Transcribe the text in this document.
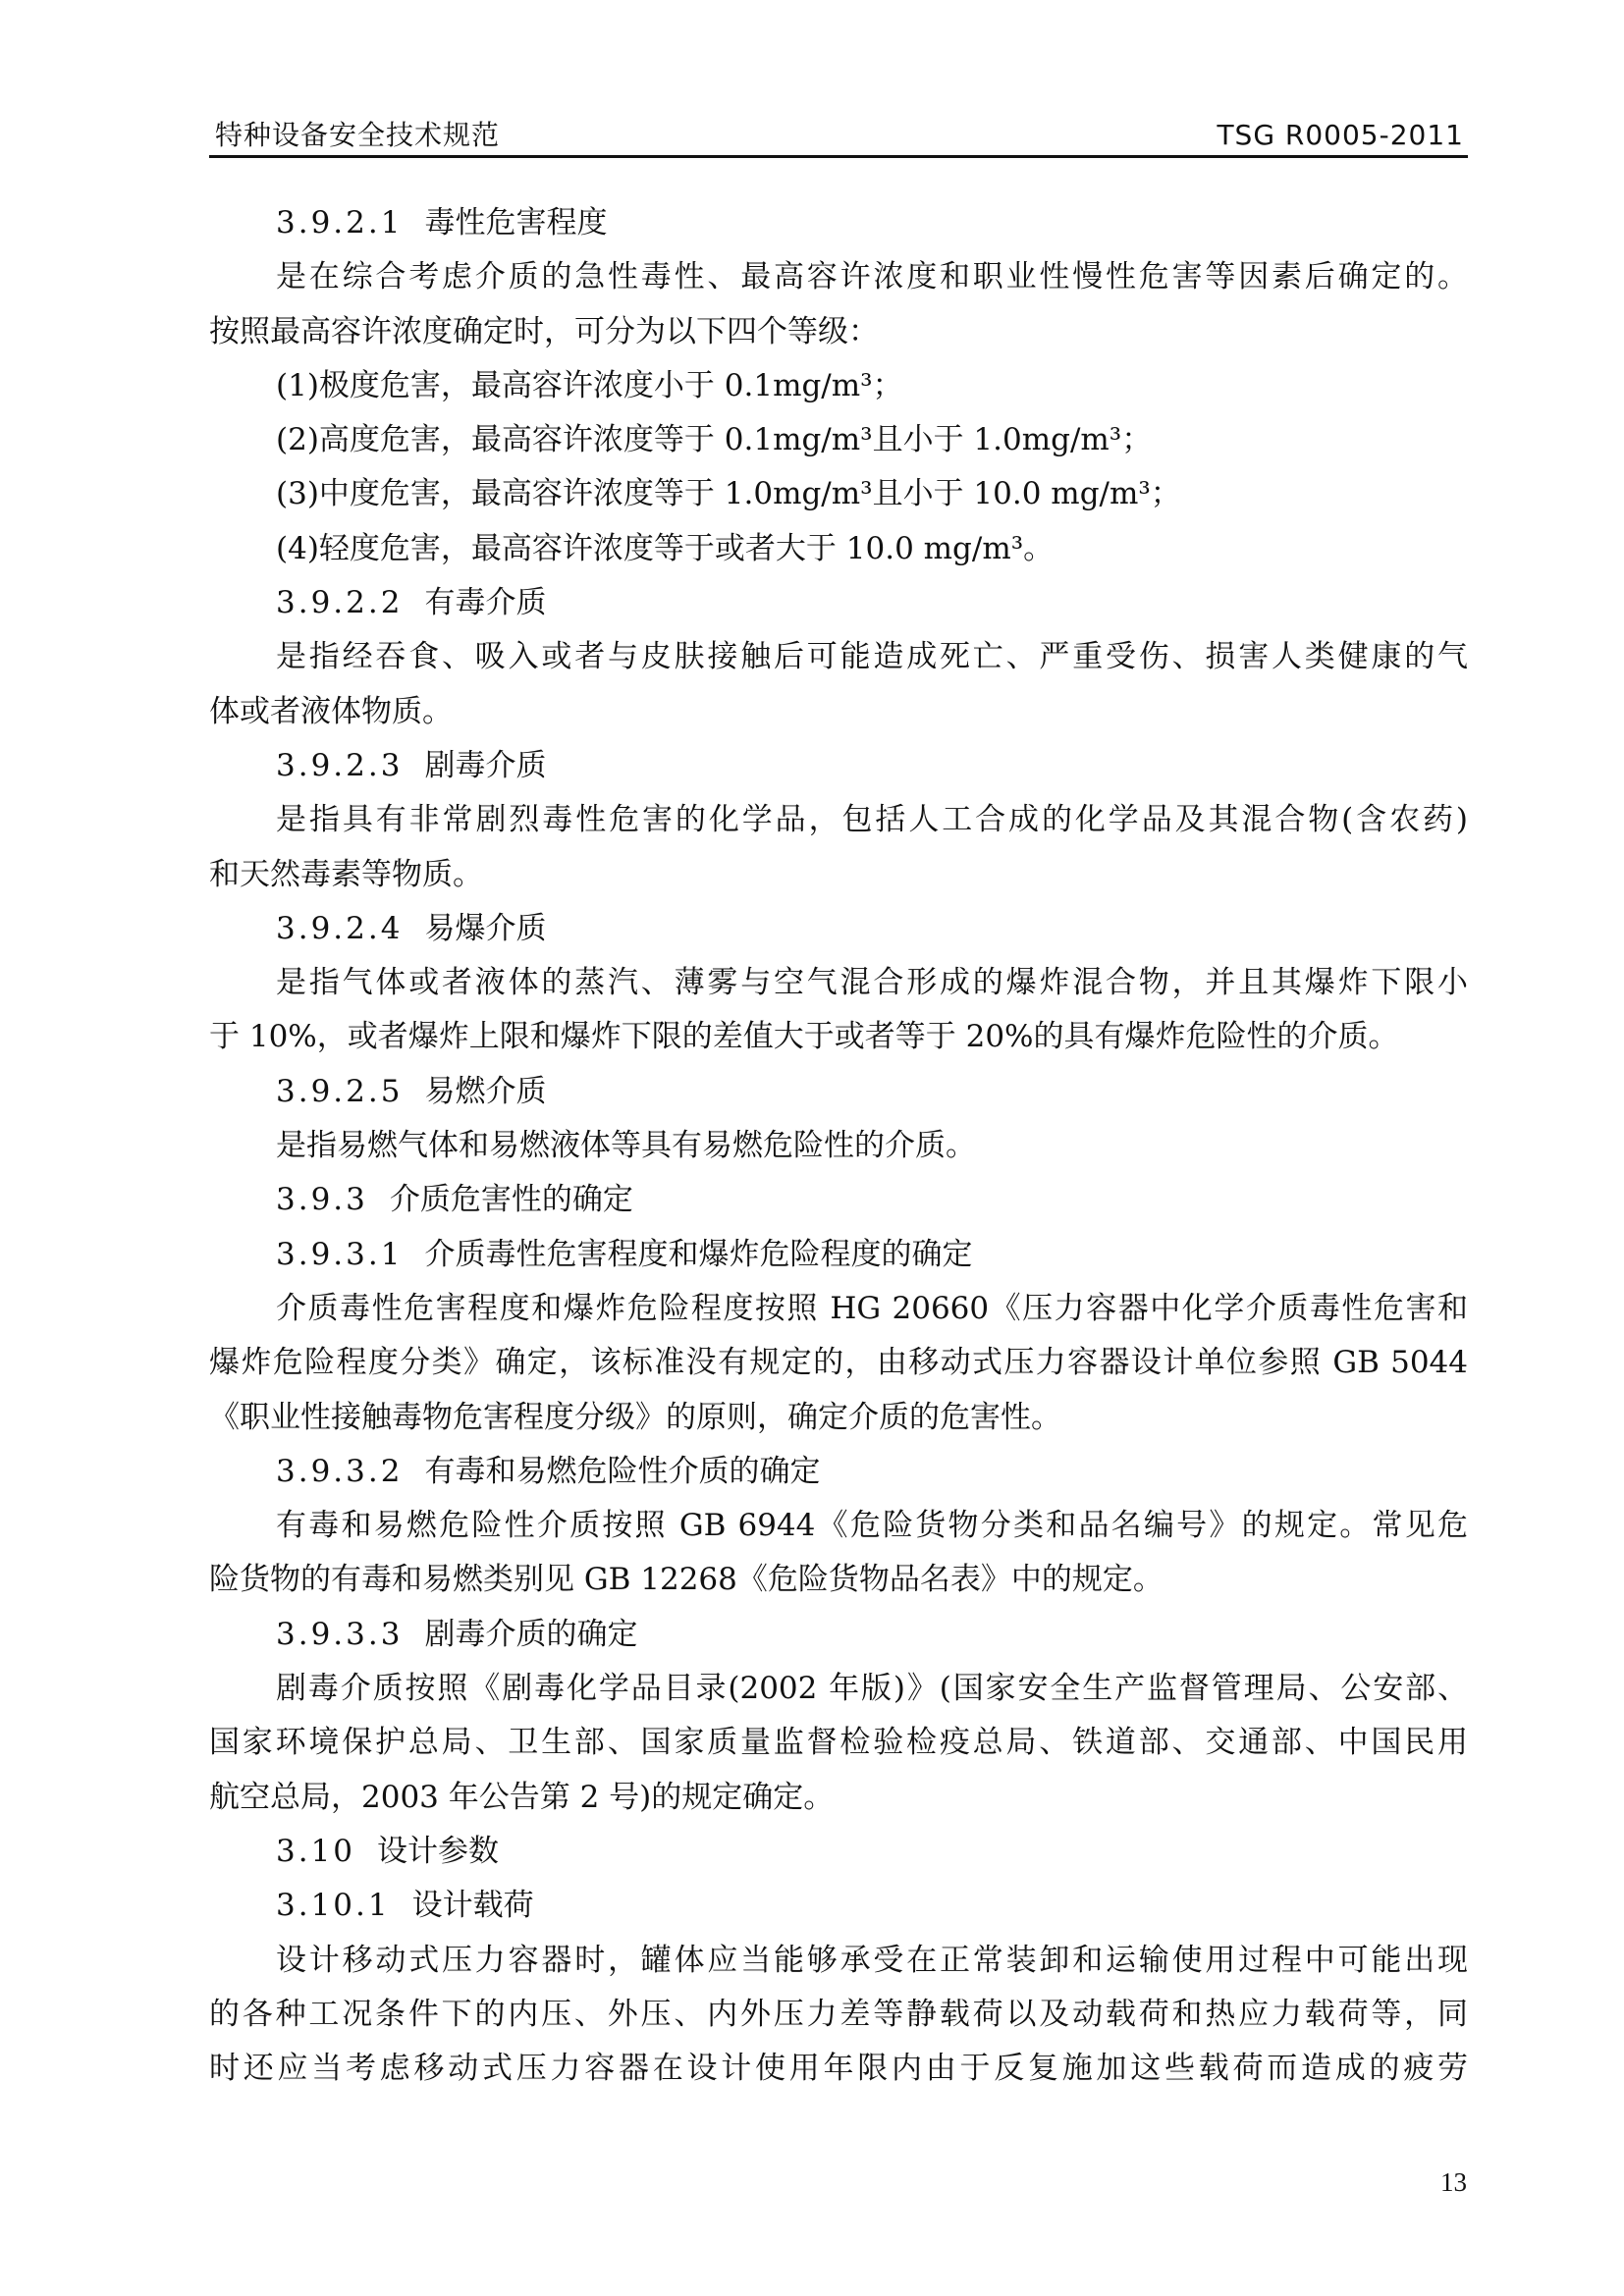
特种设备安全技术规范	TSG R0005-2011
3.9.2.1 毒性危害程度
是在综合考虑介质的急性毒性、最高容许浓度和职业性慢性危害等因素后确定的。
按照最高容许浓度确定时，可分为以下四个等级：
(1)极度危害，最高容许浓度小于 0.1mg/m³；
(2)高度危害，最高容许浓度等于 0.1mg/m³且小于 1.0mg/m³；
(3)中度危害，最高容许浓度等于 1.0mg/m³且小于 10.0 mg/m³；
(4)轻度危害，最高容许浓度等于或者大于 10.0 mg/m³。
3.9.2.2 有毒介质
是指经吞食、吸入或者与皮肤接触后可能造成死亡、严重受伤、损害人类健康的气
体或者液体物质。
3.9.2.3 剧毒介质
是指具有非常剧烈毒性危害的化学品，包括人工合成的化学品及其混合物(含农药)
和天然毒素等物质。
3.9.2.4 易爆介质
是指气体或者液体的蒸汽、薄雾与空气混合形成的爆炸混合物，并且其爆炸下限小
于 10%，或者爆炸上限和爆炸下限的差值大于或者等于 20%的具有爆炸危险性的介质。
3.9.2.5 易燃介质
是指易燃气体和易燃液体等具有易燃危险性的介质。
3.9.3 介质危害性的确定
3.9.3.1 介质毒性危害程度和爆炸危险程度的确定
介质毒性危害程度和爆炸危险程度按照 HG 20660《压力容器中化学介质毒性危害和
爆炸危险程度分类》确定，该标准没有规定的，由移动式压力容器设计单位参照 GB 5044
《职业性接触毒物危害程度分级》的原则，确定介质的危害性。
3.9.3.2 有毒和易燃危险性介质的确定
有毒和易燃危险性介质按照 GB 6944《危险货物分类和品名编号》的规定。常见危
险货物的有毒和易燃类别见 GB 12268《危险货物品名表》中的规定。
3.9.3.3 剧毒介质的确定
剧毒介质按照《剧毒化学品目录(2002 年版)》(国家安全生产监督管理局、公安部、
国家环境保护总局、卫生部、国家质量监督检验检疫总局、铁道部、交通部、中国民用
航空总局，2003 年公告第 2 号)的规定确定。
3.10 设计参数
3.10.1 设计载荷
设计移动式压力容器时，罐体应当能够承受在正常装卸和运输使用过程中可能出现
的各种工况条件下的内压、外压、内外压力差等静载荷以及动载荷和热应力载荷等，同
时还应当考虑移动式压力容器在设计使用年限内由于反复施加这些载荷而造成的疲劳
13
